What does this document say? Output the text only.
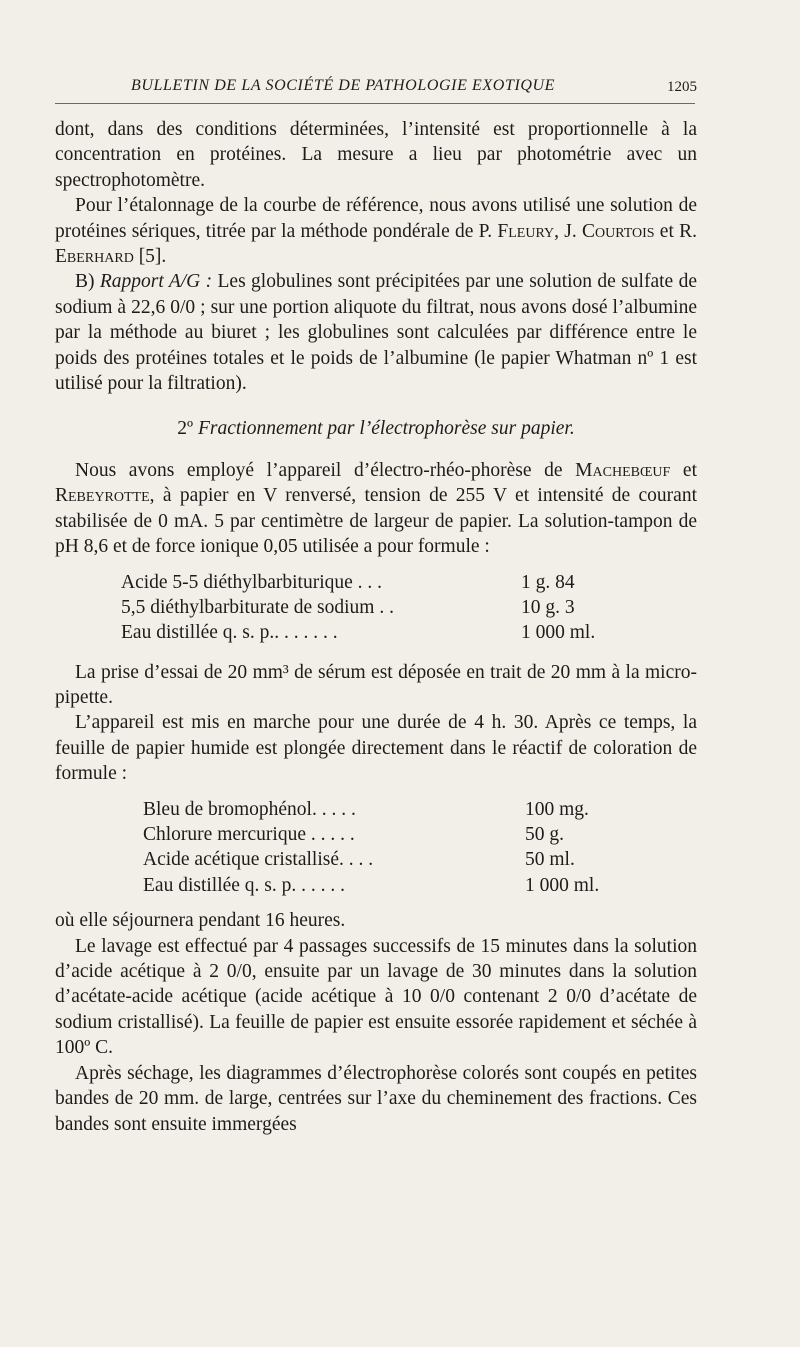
BULLETIN DE LA SOCIÉTÉ DE PATHOLOGIE EXOTIQUE	1205

dont, dans des conditions déterminées, l’intensité est proportionnelle à la concentration en protéines. La mesure a lieu par photométrie avec un spectrophotomètre.

Pour l’étalonnage de la courbe de référence, nous avons utilisé une solution de protéines sériques, titrée par la méthode pondérale de P. Fleury, J. Courtois et R. Eberhard [5].

B) Rapport A/G : Les globulines sont précipitées par une solution de sulfate de sodium à 22,6 0/0 ; sur une portion aliquote du filtrat, nous avons dosé l’albumine par la méthode au biuret ; les globulines sont calculées par différence entre le poids des protéines totales et le poids de l’albumine (le papier Whatman nº 1 est utilisé pour la filtration).

2º Fractionnement par l’électrophorèse sur papier.

Nous avons employé l’appareil d’électro-rhéo-phorèse de Machebœuf et Rebeyrotte, à papier en V renversé, tension de 255 V et intensité de courant stabilisée de 0 mA. 5 par centimètre de largeur de papier. La solution-tampon de pH 8,6 et de force ionique 0,05 utilisée a pour formule :

Acide 5-5 diéthylbarbiturique . . .	1 g. 84
5,5 diéthylbarbiturate de sodium . .	10 g. 3
Eau distillée q. s. p.. . . . . . .	1 000 ml.

La prise d’essai de 20 mm³ de sérum est déposée en trait de 20 mm à la micro-pipette.

L’appareil est mis en marche pour une durée de 4 h. 30. Après ce temps, la feuille de papier humide est plongée directement dans le réactif de coloration de formule :

Bleu de bromophénol. . . . .	100 mg.
Chlorure mercurique . . . . .	50 g.
Acide acétique cristallisé. . . .	50 ml.
Eau distillée q. s. p. . . . . .	1 000 ml.

où elle séjournera pendant 16 heures.

Le lavage est effectué par 4 passages successifs de 15 minutes dans la solution d’acide acétique à 2 0/0, ensuite par un lavage de 30 minutes dans la solution d’acétate-acide acétique (acide acétique à 10 0/0 contenant 2 0/0 d’acétate de sodium cristallisé). La feuille de papier est ensuite essorée rapidement et séchée à 100º C.

Après séchage, les diagrammes d’électrophorèse colorés sont coupés en petites bandes de 20 mm. de large, centrées sur l’axe du cheminement des fractions. Ces bandes sont ensuite immergées
